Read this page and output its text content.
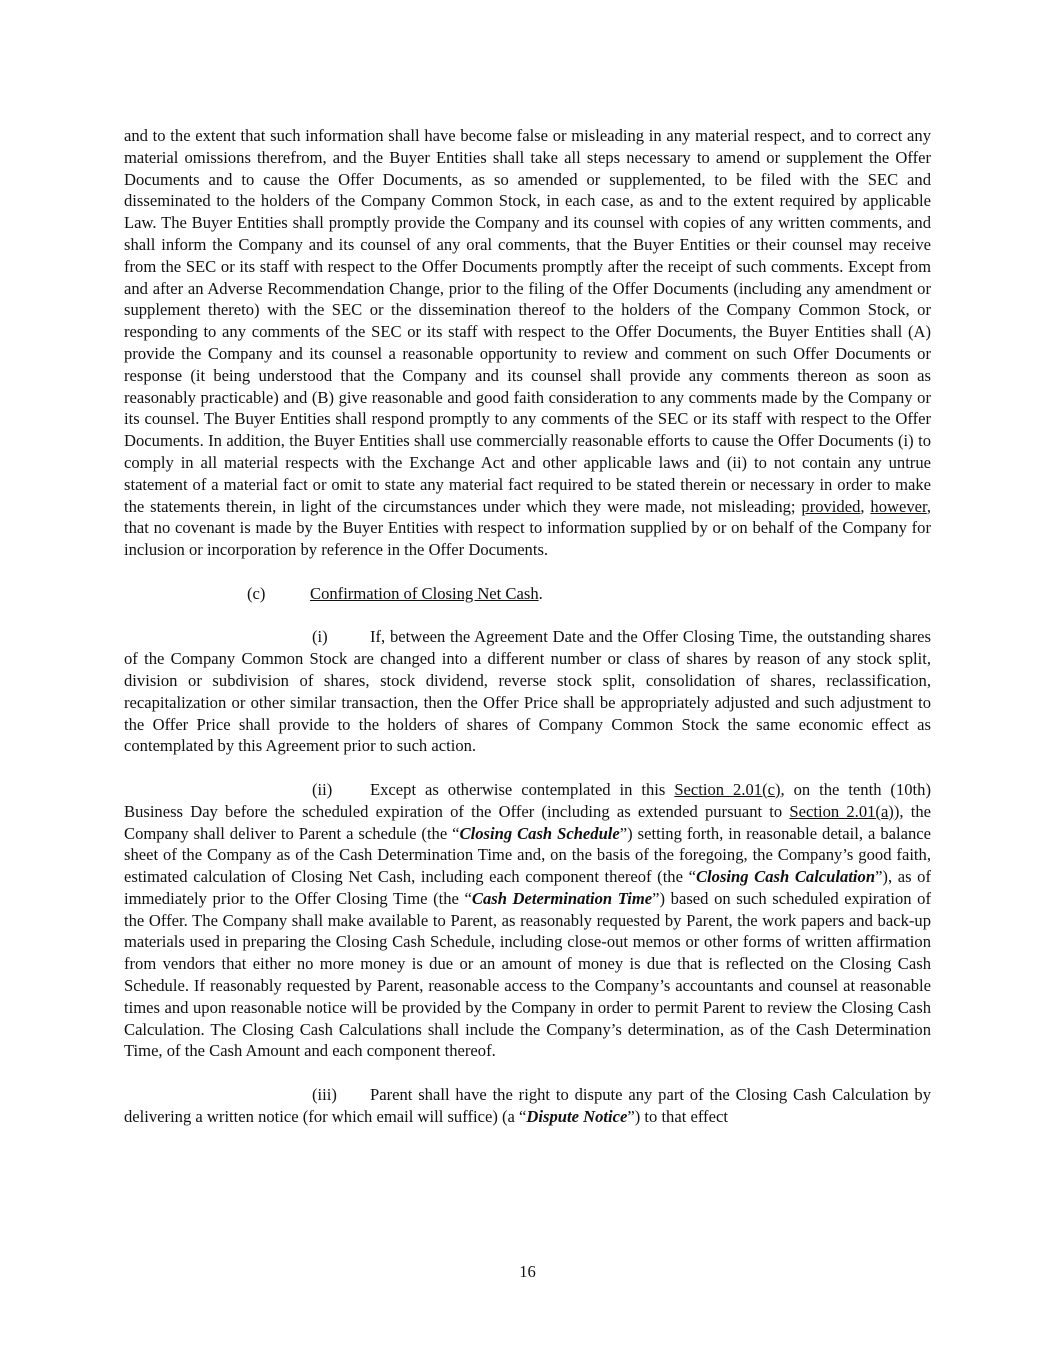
and to the extent that such information shall have become false or misleading in any material respect, and to correct any material omissions therefrom, and the Buyer Entities shall take all steps necessary to amend or supplement the Offer Documents and to cause the Offer Documents, as so amended or supplemented, to be filed with the SEC and disseminated to the holders of the Company Common Stock, in each case, as and to the extent required by applicable Law. The Buyer Entities shall promptly provide the Company and its counsel with copies of any written comments, and shall inform the Company and its counsel of any oral comments, that the Buyer Entities or their counsel may receive from the SEC or its staff with respect to the Offer Documents promptly after the receipt of such comments. Except from and after an Adverse Recommendation Change, prior to the filing of the Offer Documents (including any amendment or supplement thereto) with the SEC or the dissemination thereof to the holders of the Company Common Stock, or responding to any comments of the SEC or its staff with respect to the Offer Documents, the Buyer Entities shall (A) provide the Company and its counsel a reasonable opportunity to review and comment on such Offer Documents or response (it being understood that the Company and its counsel shall provide any comments thereon as soon as reasonably practicable) and (B) give reasonable and good faith consideration to any comments made by the Company or its counsel. The Buyer Entities shall respond promptly to any comments of the SEC or its staff with respect to the Offer Documents. In addition, the Buyer Entities shall use commercially reasonable efforts to cause the Offer Documents (i) to comply in all material respects with the Exchange Act and other applicable laws and (ii) to not contain any untrue statement of a material fact or omit to state any material fact required to be stated therein or necessary in order to make the statements therein, in light of the circumstances under which they were made, not misleading; provided, however, that no covenant is made by the Buyer Entities with respect to information supplied by or on behalf of the Company for inclusion or incorporation by reference in the Offer Documents.

(c)	Confirmation of Closing Net Cash.

(i)	If, between the Agreement Date and the Offer Closing Time, the outstanding shares of the Company Common Stock are changed into a different number or class of shares by reason of any stock split, division or subdivision of shares, stock dividend, reverse stock split, consolidation of shares, reclassification, recapitalization or other similar transaction, then the Offer Price shall be appropriately adjusted and such adjustment to the Offer Price shall provide to the holders of shares of Company Common Stock the same economic effect as contemplated by this Agreement prior to such action.

(ii) Except as otherwise contemplated in this Section 2.01(c), on the tenth (10th) Business Day before the scheduled expiration of the Offer (including as extended pursuant to Section 2.01(a)), the Company shall deliver to Parent a schedule (the “Closing Cash Schedule”) setting forth, in reasonable detail, a balance sheet of the Company as of the Cash Determination Time and, on the basis of the foregoing, the Company’s good faith, estimated calculation of Closing Net Cash, including each component thereof (the “Closing Cash Calculation”), as of immediately prior to the Offer Closing Time (the “Cash Determination Time”) based on such scheduled expiration of the Offer. The Company shall make available to Parent, as reasonably requested by Parent, the work papers and back-up materials used in preparing the Closing Cash Schedule, including close-out memos or other forms of written affirmation from vendors that either no more money is due or an amount of money is due that is reflected on the Closing Cash Schedule. If reasonably requested by Parent, reasonable access to the Company’s accountants and counsel at reasonable times and upon reasonable notice will be provided by the Company in order to permit Parent to review the Closing Cash Calculation. The Closing Cash Calculations shall include the Company’s determination, as of the Cash Determination Time, of the Cash Amount and each component thereof.

(iii) Parent shall have the right to dispute any part of the Closing Cash Calculation by delivering a written notice (for which email will suffice) (a “Dispute Notice”) to that effect

16
